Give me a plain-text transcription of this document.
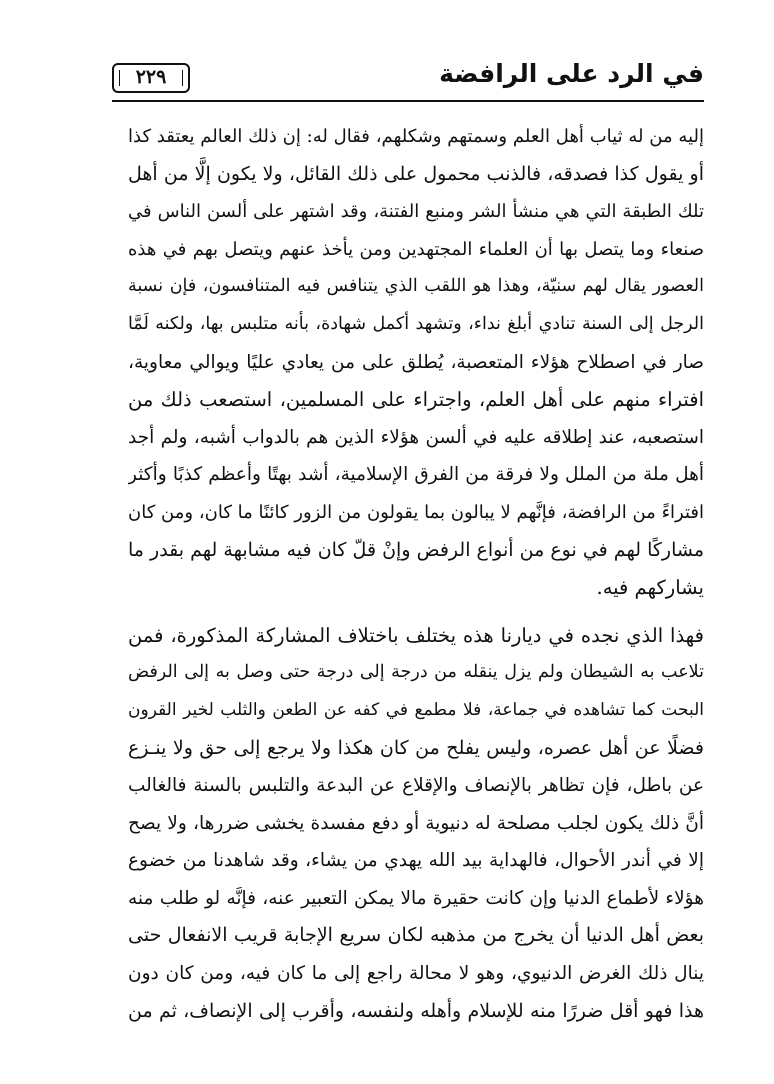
في الرد على الرافضة
٢٢٩
إليه من له ثياب أهل العلم وسمتهم وشكلهم، فقال له: إن ذلك العالم يعتقد كذا
أو يقول كذا فصدقه، فالذنب محمول على ذلك القائل، ولا يكون إلَّا من أهل
تلك الطبقة التي هي منشأ الشر ومنبع الفتنة، وقد اشتهر على ألسن الناس في
صنعاء وما يتصل بها أن العلماء المجتهدين ومن يأخذ عنهم ويتصل بهم في هذه
العصور يقال لهم سنيّة، وهذا هو اللقب الذي يتنافس فيه المتنافسون، فإن نسبة
الرجل إلى السنة تنادي أبلغ نداء، وتشهد أكمل شهادة، بأنه متلبس بها، ولكنه لَمَّا
صار في اصطلاح هؤلاء المتعصبة، يُطلق على من يعادي عليًا ويوالي معاوية،
افتراء منهم على أهل العلم، واجتراء على المسلمين، استصعب ذلك من
استصعبه، عند إطلاقه عليه في ألسن هؤلاء الذين هم بالدواب أشبه، ولم أجد
أهل ملة من الملل ولا فرقة من الفرق الإسلامية، أشد بهتًا وأعظم كذبًا وأكثر
افتراءً من الرافضة، فإنَّهم لا يبالون بما يقولون من الزور كائنًا ما كان، ومن كان
مشاركًا لهم في نوع من أنواع الرفض وإنْ قلّ كان فيه مشابهة لهم بقدر ما
يشاركهم فيه.
فهذا الذي نجده في ديارنا هذه يختلف باختلاف المشاركة المذكورة، فمن
تلاعب به الشيطان ولم يزل ينقله من درجة إلى درجة حتى وصل به إلى الرفض
البحت كما تشاهده في جماعة، فلا مطمع في كفه عن الطعن والثلب لخير القرون
فضلًا عن أهل عصره، وليس يفلح من كان هكذا ولا يرجع إلى حق ولا ينـزع
عن باطل، فإن تظاهر بالإنصاف والإقلاع عن البدعة والتلبس بالسنة فالغالب
أنَّ ذلك يكون لجلب مصلحة له دنيوية أو دفع مفسدة يخشى ضررها، ولا يصح
إلا في أندر الأحوال، فالهداية بيد الله يهدي من يشاء، وقد شاهدنا من خضوع
هؤلاء لأطماع الدنيا وإن كانت حقيرة مالا يمكن التعبير عنه، فإنَّه لو طلب منه
بعض أهل الدنيا أن يخرج من مذهبه لكان سريع الإجابة قريب الانفعال حتى
ينال ذلك الغرض الدنيوي، وهو لا محالة راجع إلى ما كان فيه، ومن كان دون
هذا فهو أقل ضررًا منه للإسلام وأهله ولنفسه، وأقرب إلى الإنصاف، ثم من
